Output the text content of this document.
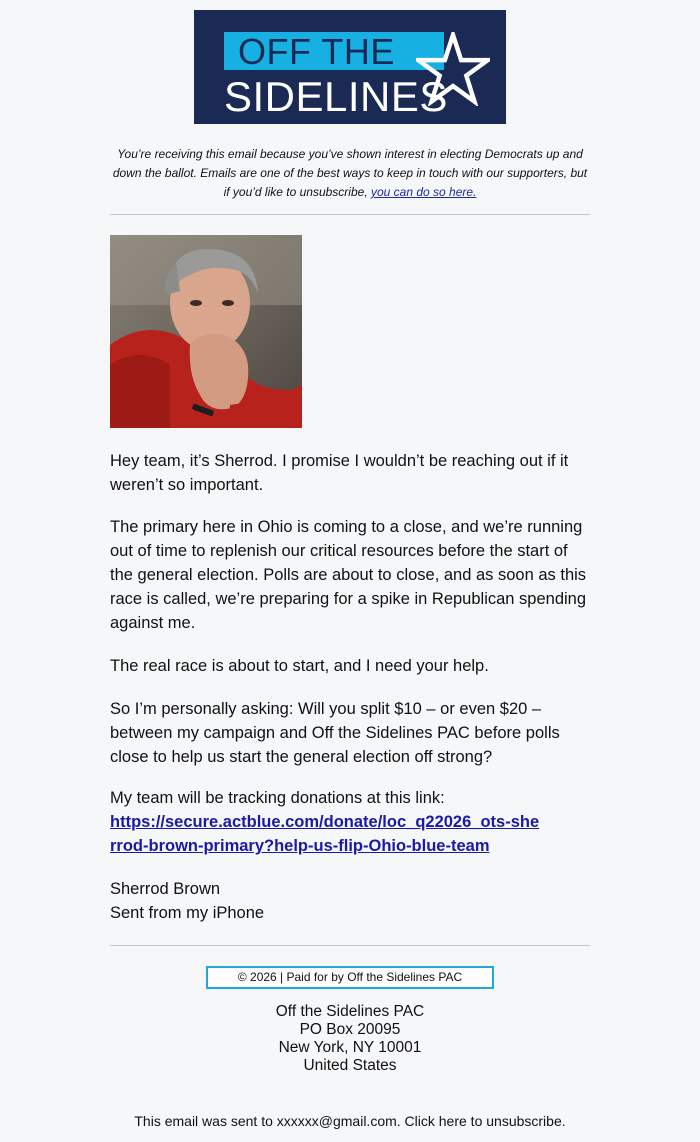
OFF THE
SIDELINES
You’re receiving this email because you’ve shown interest in electing Democrats up and down the ballot. Emails are one of the best ways to keep in touch with our supporters, but if you’d like to unsubscribe, you can do so here.

Hey team, it’s Sherrod. I promise I wouldn’t be reaching out if it weren’t so important.

The primary here in Ohio is coming to a close, and we’re running out of time to replenish our critical resources before the start of the general election. Polls are about to close, and as soon as this race is called, we’re preparing for a spike in Republican spending against me.

The real race is about to start, and I need your help.

So I’m personally asking: Will you split $10 – or even $20 – between my campaign and Off the Sidelines PAC before polls close to help us start the general election off strong?

My team will be tracking donations at this link:

https://secure.actblue.com/donate/loc_q22026_ots-sherrod-brown-primary?help-us-flip-Ohio-blue-team

Sherrod Brown

Sent from my iPhone

© 2026 | Paid for by Off the Sidelines PAC
Off the Sidelines PAC
PO Box 20095
New York, NY 10001
United States
This email was sent to xxxxxx@gmail.com. Click here to unsubscribe.
